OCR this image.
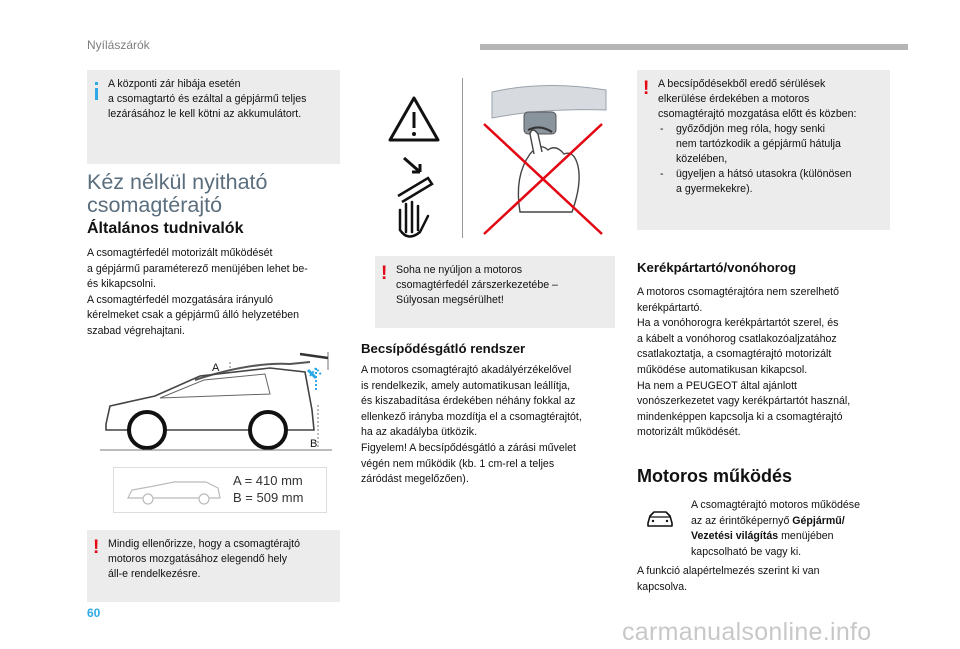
Nyílászárók
A központi zár hibája esetén
a csomagtartó és ezáltal a gépjármű teljes
lezárásához le kell kötni az akkumulátort.
Kéz nélkül nyitható
csomagtérajtó
Általános tudnivalók
A csomagtérfedél motorizált működését
a gépjármű paraméterező menüjében lehet be-
és kikapcsolni.
A csomagtérfedél mozgatására irányuló
kérelmeket csak a gépjármű álló helyzetében
szabad végrehajtani.
A
B
A = 410 mm
B = 509 mm
! Mindig ellenőrizze, hogy a csomagtérajtó
motoros mozgatásához elegendő hely
áll-e rendelkezésre.
! Soha ne nyúljon a motoros
csomagtérfedél zárszerkezetébe –
Súlyosan megsérülhet!
Becsípődésgátló rendszer
A motoros csomagtérajtó akadályérzékelővel
is rendelkezik, amely automatikusan leállítja,
és kiszabadítása érdekében néhány fokkal az
ellenkező irányba mozdítja el a csomagtérajtót,
ha az akadályba ütközik.
Figyelem! A becsípődésgátló a zárási művelet
végén nem működik (kb. 1 cm-rel a teljes
záródást megelőzően).
! A becsípődésekből eredő sérülések
elkerülése érdekében a motoros
csomagtérajtó mozgatása előtt és közben:
- győződjön meg róla, hogy senki
nem tartózkodik a gépjármű hátulja
közelében,
- ügyeljen a hátsó utasokra (különösen
a gyermekekre).
Kerékpártartó/vonóhorog
A motoros csomagtérajtóra nem szerelhető
kerékpártartó.
Ha a vonóhorogra kerékpártartót szerel, és
a kábelt a vonóhorog csatlakozóaljzatához
csatlakoztatja, a csomagtérajtó motorizált
működése automatikusan kikapcsol.
Ha nem a PEUGEOT által ajánlott
vonószerkezetet vagy kerékpártartót használ,
mindenképpen kapcsolja ki a csomagtérajtó
motorizált működését.
Motoros működés
A csomagtérajtó motoros működése
az az érintőképernyő Gépjármű/
Vezetési világítás menüjében
kapcsolható be vagy ki.
A funkció alapértelmezés szerint ki van
kapcsolva.
60
carmanualsonline.info
